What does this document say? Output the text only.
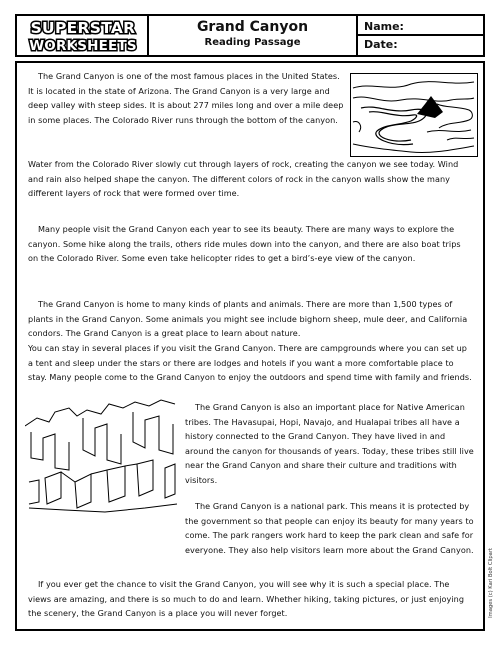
SUPERSTAR
WORKSHEETS
Grand Canyon
Reading Passage
Name:
Date:

The Grand Canyon is one of the most famous places in the United States. It is located in the state of Arizona. The Grand Canyon is a very large and deep valley with steep sides. It is about 277 miles long and over a mile deep in some places. The Colorado River runs through the bottom of the canyon.

Water from the Colorado River slowly cut through layers of rock, creating the canyon we see today. Wind and rain also helped shape the canyon. The different colors of rock in the canyon walls show the many different layers of rock that were formed over time.

Many people visit the Grand Canyon each year to see its beauty. There are many ways to explore the canyon. Some hike along the trails, others ride mules down into the canyon, and there are also boat trips on the Colorado River. Some even take helicopter rides to get a bird’s-eye view of the canyon.

The Grand Canyon is home to many kinds of plants and animals. There are more than 1,500 types of plants in the Grand Canyon. Some animals you might see include bighorn sheep, mule deer, and California condors. The Grand Canyon is a great place to learn about nature.

You can stay in several places if you visit the Grand Canyon. There are campgrounds where you can set up a tent and sleep under the stars or there are lodges and hotels if you want a more comfortable place to stay. Many people come to the Grand Canyon to enjoy the outdoors and spend time with family and friends.

The Grand Canyon is also an important place for Native American tribes. The Havasupai, Hopi, Navajo, and Hualapai tribes all have a history connected to the Grand Canyon. They have lived in and around the canyon for thousands of years. Today, these tribes still live near the Grand Canyon and share their culture and traditions with visitors.

The Grand Canyon is a national park. This means it is protected by the government so that people can enjoy its beauty for many years to come. The park rangers work hard to keep the park clean and safe for everyone. They also help visitors learn more about the Grand Canyon.

If you ever get the chance to visit the Grand Canyon, you will see why it is such a special place. The views are amazing, and there is so much to do and learn. Whether hiking, taking pictures, or just enjoying the scenery, the Grand Canyon is a place you will never forget.	Images (c) Kari Bolt Clipart
